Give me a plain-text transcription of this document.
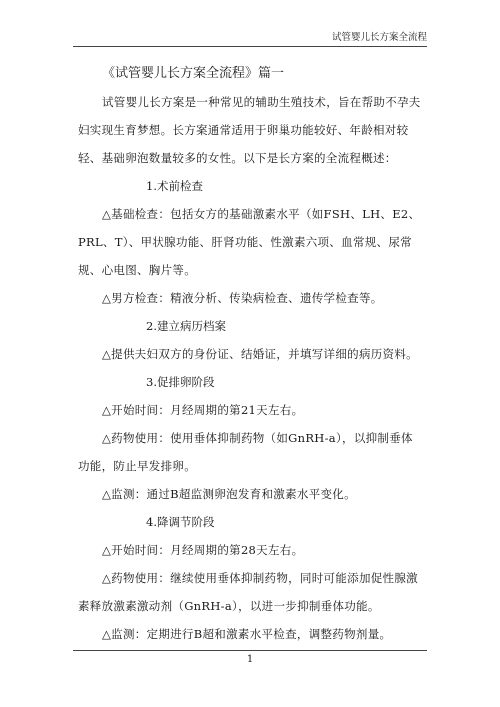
试管婴儿长方案全流程
《试管婴儿长方案全流程》篇一

试管婴儿长方案是一种常见的辅助生殖技术，旨在帮助不孕夫妇实现生育梦想。长方案通常适用于卵巢功能较好、年龄相对较轻、基础卵泡数量较多的女性。以下是长方案的全流程概述：

1.术前检查

△基础检查：包括女方的基础激素水平（如FSH、LH、E2、PRL、T）、甲状腺功能、肝肾功能、性激素六项、血常规、尿常规、心电图、胸片等。

△男方检查：精液分析、传染病检查、遗传学检查等。

2.建立病历档案

△提供夫妇双方的身份证、结婚证，并填写详细的病历资料。

3.促排卵阶段

△开始时间：月经周期的第21天左右。

△药物使用：使用垂体抑制药物（如GnRH-a），以抑制垂体功能，防止早发排卵。

△监测：通过B超监测卵泡发育和激素水平变化。

4.降调节阶段

△开始时间：月经周期的第28天左右。

△药物使用：继续使用垂体抑制药物，同时可能添加促性腺激素释放激素激动剂（GnRH-a），以进一步抑制垂体功能。

△监测：定期进行B超和激素水平检查，调整药物剂量。

1
